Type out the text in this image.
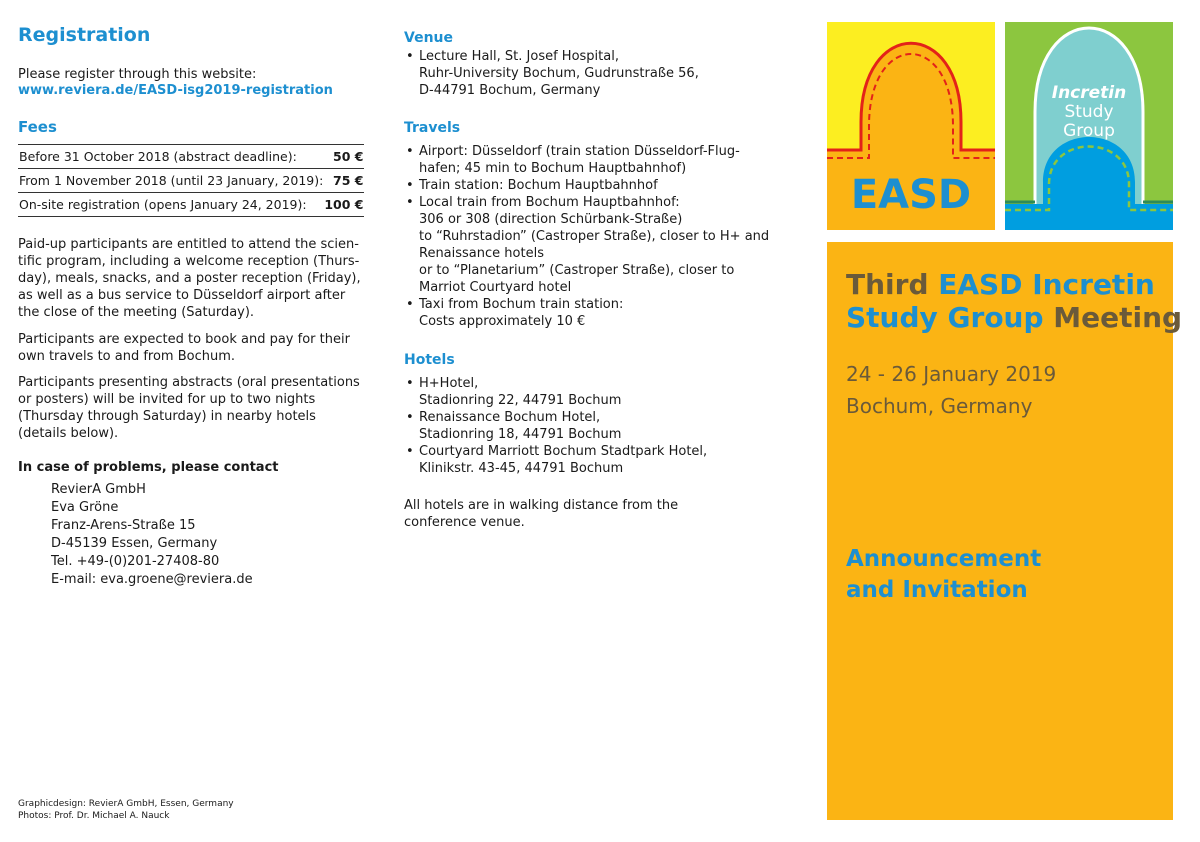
Registration
Please register through this website:
www.reviera.de/EASD-isg2019-registration
Fees
Before 31 October 2018 (abstract deadline):	50 €
From 1 November 2018 (until 23 January, 2019):	75 €
On-site registration (opens January 24, 2019):	100 €
Paid-up participants are entitled to attend the scien-
tific program, including a welcome reception (Thurs-
day), meals, snacks, and a poster reception (Friday),
as well as a bus service to Düsseldorf airport after
the close of the meeting (Saturday).
Participants are expected to book and pay for their
own travels to and from Bochum.
Participants presenting abstracts (oral presentations
or posters) will be invited for up to two nights
(Thursday through Saturday) in nearby hotels
(details below).
In case of problems, please contact
RevierA GmbH
Eva Gröne
Franz-Arens-Straße 15
D-45139 Essen, Germany
Tel. +49-(0)201-27408-80
E-mail: eva.groene@reviera.de
Graphicdesign: RevierA GmbH, Essen, Germany
Photos: Prof. Dr. Michael A. Nauck
Venue
• Lecture Hall, St. Josef Hospital,
Ruhr-University Bochum, Gudrunstraße 56,
D-44791 Bochum, Germany
Travels
• Airport: Düsseldorf (train station Düsseldorf-Flug-
hafen; 45 min to Bochum Hauptbahnhof)
• Train station: Bochum Hauptbahnhof
• Local train from Bochum Hauptbahnhof:
306 or 308 (direction Schürbank-Straße)
to “Ruhrstadion” (Castroper Straße), closer to H+ and
Renaissance hotels
or to “Planetarium” (Castroper Straße), closer to
Marriot Courtyard hotel
• Taxi from Bochum train station:
Costs approximately 10 €
Hotels
• H+Hotel,
Stadionring 22, 44791 Bochum
• Renaissance Bochum Hotel,
Stadionring 18, 44791 Bochum
• Courtyard Marriott Bochum Stadtpark Hotel,
Klinikstr. 43-45, 44791 Bochum
All hotels are in walking distance from the
conference venue.
EASD
Incretin
Study
Group
Third EASD Incretin
Study Group Meeting
24 - 26 January 2019
Bochum, Germany
Announcement
and Invitation
